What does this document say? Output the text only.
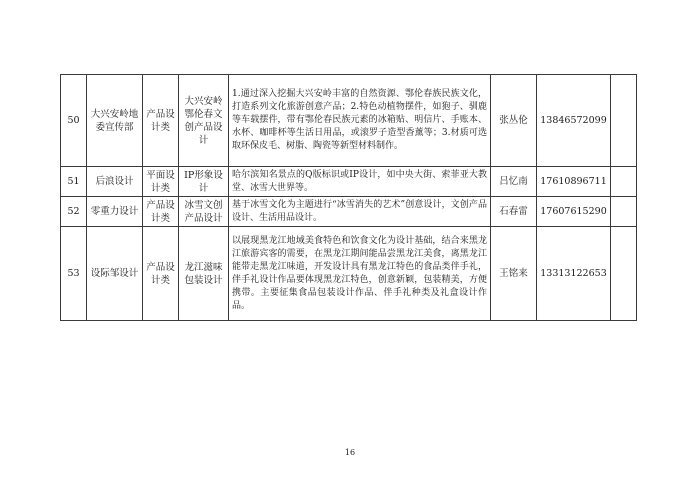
50	大兴安岭地委宣传部	产品设计类	大兴安岭鄂伦春文创产品设计	1.通过深入挖掘大兴安岭丰富的自然资源、鄂伦春族民族文化，打造系列文化旅游创意产品；2.特色动植物摆件，如狍子、驯鹿等车载摆件，带有鄂伦春民族元素的冰箱贴、明信片、手账本、水杯、咖啡杯等生活日用品，或滚罗子造型香薰等；3.材质可选取环保皮毛、树脂、陶瓷等新型材料制作。	张丛伦	13846572099	
51	后浪设计	平面设计类	IP形象设计	哈尔滨知名景点的Q版标识或IP设计，如中央大街、索菲亚大教堂、冰雪大世界等。	吕忆南	17610896711	
52	零重力设计	产品设计类	冰雪文创产品设计	基于冰雪文化为主题进行“冰雪消失的艺术”创意设计，文创产品设计、生活用品设计。	石春雷	17607615290	
53	设际邹设计	产品设计类	龙江滋味包装设计	以展现黑龙江地域美食特色和饮食文化为设计基础，结合来黑龙江旅游宾客的需要，在黑龙江期间能品尝黑龙江美食，离黑龙江能带走黑龙江味道，开发设计具有黑龙江特色的食品类伴手礼，伴手礼设计作品要体现黑龙江特色，创意新颖，包装精美，方便携带。主要征集食品包装设计作品、伴手礼种类及礼盒设计作品。	王铭来	13313122653	
16
